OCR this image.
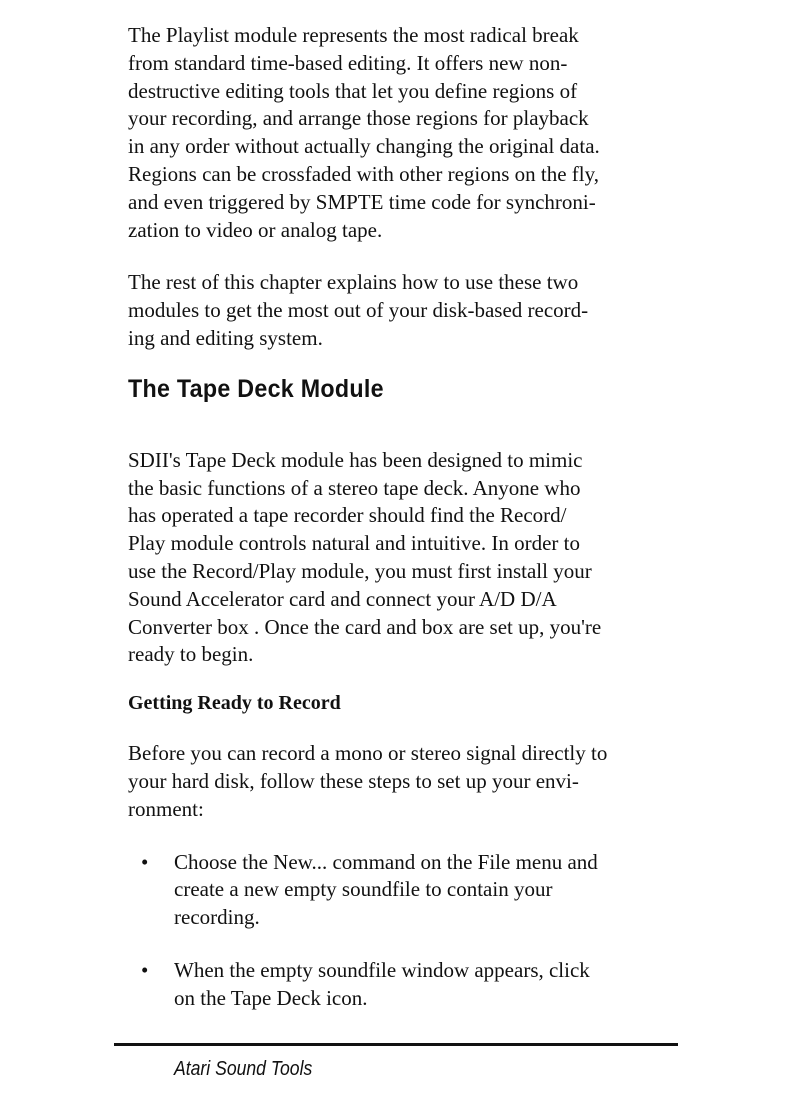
The Playlist module represents the most radical break
from standard time-based editing. It offers new non-
destructive editing tools that let you define regions of
your recording, and arrange those regions for playback
in any order without actually changing the original data.
Regions can be crossfaded with other regions on the fly,
and even triggered by SMPTE time code for synchroni-
zation to video or analog tape.

The rest of this chapter explains how to use these two
modules to get the most out of your disk-based record-
ing and editing system.

The Tape Deck Module

SDII's Tape Deck module has been designed to mimic
the basic functions of a stereo tape deck. Anyone who
has operated a tape recorder should find the Record/
Play module controls natural and intuitive. In order to
use the Record/Play module, you must first install your
Sound Accelerator card and connect your A/D D/A
Converter box . Once the card and box are set up, you're
ready to begin.

Getting Ready to Record

Before you can record a mono or stereo signal directly to
your hard disk, follow these steps to set up your envi-
ronment:

• Choose the New... command on the File menu and
create a new empty soundfile to contain your
recording.

• When the empty soundfile window appears, click
on the Tape Deck icon.

Atari Sound Tools
